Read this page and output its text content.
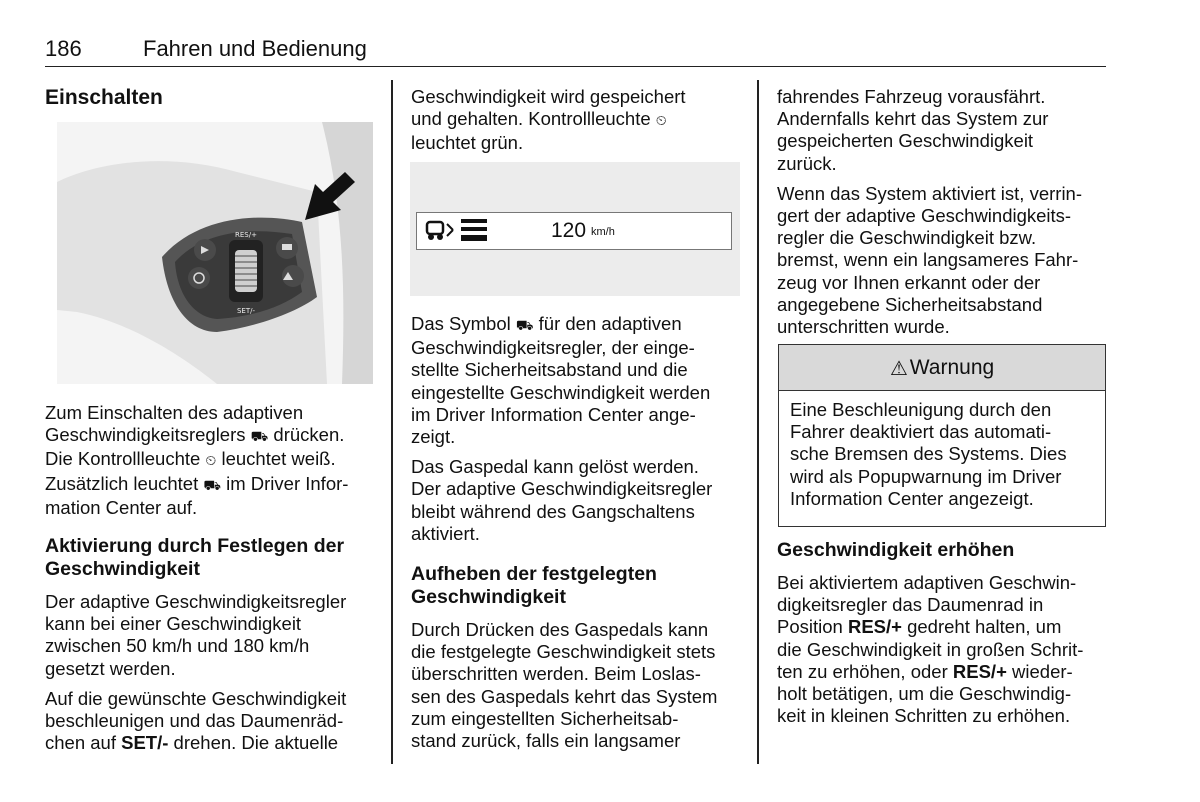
186	Fahren und Bedienung
Einschalten
RES/+
SET/-

Zum Einschalten des adaptiven
Geschwindigkeitsreglers ⛟ drücken.
Die Kontrollleuchte ⏲ leuchtet weiß.
Zusätzlich leuchtet ⛟ im Driver Infor‐
mation Center auf.

Aktivierung durch Festlegen der Geschwindigkeit

Der adaptive Geschwindigkeitsregler
kann bei einer Geschwindigkeit
zwischen 50 km/h und 180 km/h
gesetzt werden.

Auf die gewünschte Geschwindigkeit
beschleunigen und das Daumenräd‐
chen auf SET/- drehen. Die aktuelle

Geschwindigkeit wird gespeichert
und gehalten. Kontrollleuchte ⏲
leuchtet grün.

120 km/h

Das Symbol ⛟ für den adaptiven
Geschwindigkeitsregler, der einge‐
stellte Sicherheitsabstand und die
eingestellte Geschwindigkeit werden
im Driver Information Center ange‐
zeigt.

Das Gaspedal kann gelöst werden.
Der adaptive Geschwindigkeitsregler
bleibt während des Gangschaltens
aktiviert.

Aufheben der festgelegten Geschwindigkeit

Durch Drücken des Gaspedals kann
die festgelegte Geschwindigkeit stets
überschritten werden. Beim Loslas‐
sen des Gaspedals kehrt das System
zum eingestellten Sicherheitsab‐
stand zurück, falls ein langsamer

fahrendes Fahrzeug vorausfährt.
Andernfalls kehrt das System zur
gespeicherten Geschwindigkeit
zurück.

Wenn das System aktiviert ist, verrin‐
gert der adaptive Geschwindigkeits‐
regler die Geschwindigkeit bzw.
bremst, wenn ein langsameres Fahr‐
zeug vor Ihnen erkannt oder der
angegebene Sicherheitsabstand
unterschritten wurde.

⚠ Warnung
Eine Beschleunigung durch den
Fahrer deaktiviert das automati‐
sche Bremsen des Systems. Dies
wird als Popupwarnung im Driver
Information Center angezeigt.
Geschwindigkeit erhöhen

Bei aktiviertem adaptiven Geschwin‐
digkeitsregler das Daumenrad in
Position RES/+ gedreht halten, um
die Geschwindigkeit in großen Schrit‐
ten zu erhöhen, oder RES/+ wieder‐
holt betätigen, um die Geschwindig‐
keit in kleinen Schritten zu erhöhen.
